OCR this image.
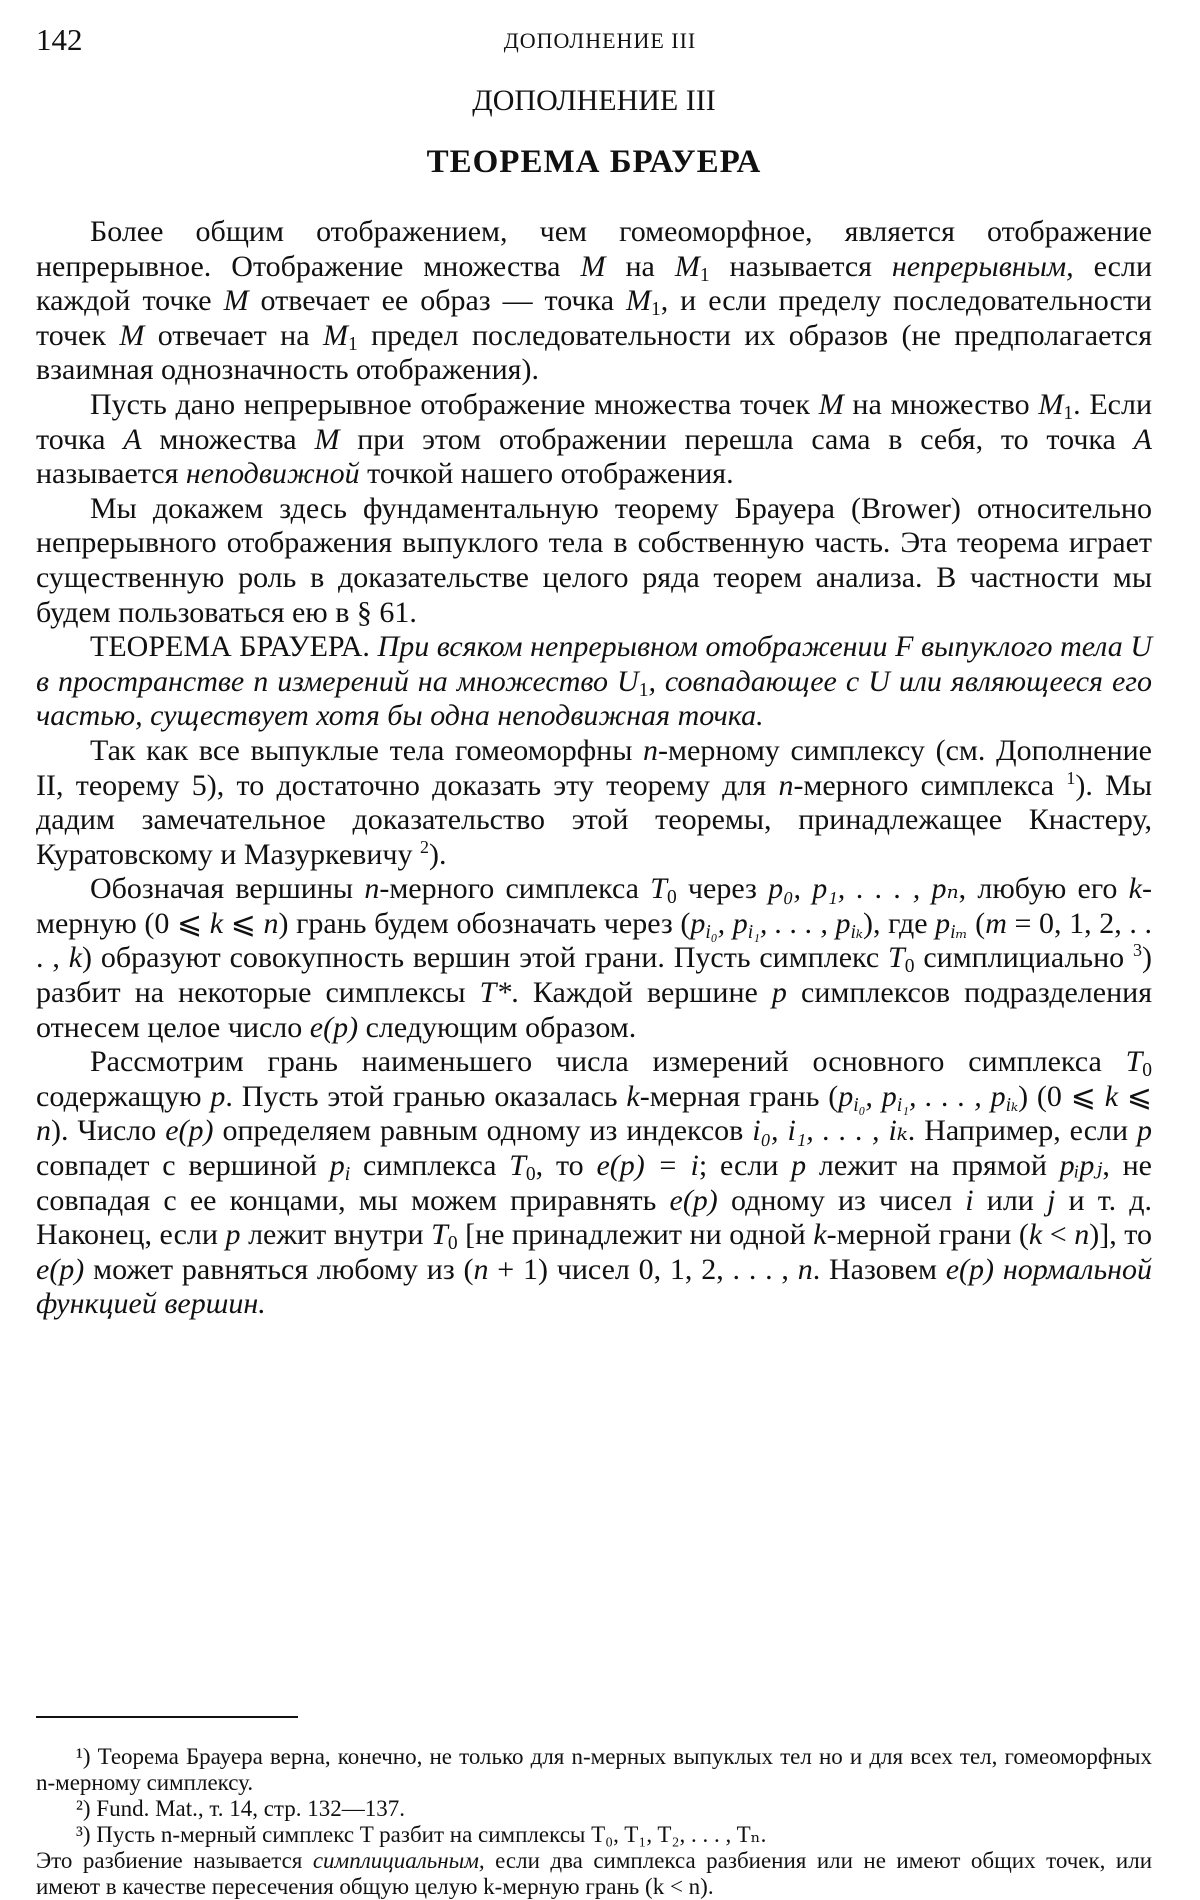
142	ДОПОЛНЕНИЕ III

ДОПОЛНЕНИЕ III

ТЕОРЕМА БРАУЕРА

Более общим отображением, чем гомеоморфное, является отображение непрерывное. Отображение множества M на $M_1$ называется непрерывным, если каждой точке M отвечает ее образ — точка $M_1$, и если пределу последовательности точек M отвечает на $M_1$ предел последовательности их образов (не предполагается взаимная однозначность отображения).

Пусть дано непрерывное отображение множества точек M на множество $M_1$. Если точка A множества M при этом отображении перешла сама в себя, то точка A называется неподвижной точкой нашего отображения.

Мы докажем здесь фундаментальную теорему Брауера (Brower) относительно непрерывного отображения выпуклого тела в собственную часть. Эта теорема играет существенную роль в доказательстве целого ряда теорем анализа. В частности мы будем пользоваться ею в § 61.

ТЕОРЕМА БРАУЕРА. При всяком непрерывном отображении F выпуклого тела U в пространстве n измерений на множество $U_1$, совпадающее с U или являющееся его частью, существует хотя бы одна неподвижная точка.

Так как все выпуклые тела гомеоморфны n-мерному симплексу (см. Дополнение II, теорему 5), то достаточно доказать эту теорему для n-мерного симплекса $^1$). Мы дадим замечательное доказательство этой теоремы, принадлежащее Кнастеру, Куратовскому и Мазуркевичу $^2$).

Обозначая вершины n-мерного симплекса $T_0$ через p₀, p₁, . . . , pₙ, любую его k-мерную (0 ⩽ k ⩽ n) грань будем обозначать через ($p_{i_0}$, $p_{i_1}$, . . . , $p_{i_k}$), где $p_{i_m}$ (m = 0, 1, 2, . . . , k) образуют совокупность вершин этой грани. Пусть симплекс $T_0$ симплициально $^3$) разбит на некоторые симплексы T*. Каждой вершине p симплексов подразделения отнесем целое число e(p) следующим образом.

Рассмотрим грань наименьшего числа измерений основного симплекса $T_0$ содержащую p. Пусть этой гранью оказалась k-мерная грань ($p_{i_0}$, $p_{i_1}$, . . . , $p_{i_k}$) (0 ⩽ k ⩽ n). Число e(p) определяем равным одному из индексов i₀, i₁, . . . , iₖ. Например, если p совпадет с вершиной $p_i$ симплекса $T_0$, то e(p) = i; если p лежит на прямой pᵢpⱼ, не совпадая с ее концами, мы можем приравнять e(p) одному из чисел i или j и т. д. Наконец, если p лежит внутри $T_0$ [не принадлежит ни одной k-мерной грани (k < n)], то e(p) может равняться любому из (n + 1) чисел 0, 1, 2, . . . , n. Назовем e(p) нормальной функцией вершин.

¹) Теорема Брауера верна, конечно, не только для n-мерных выпуклых тел но и для всех тел, гомеоморфных n-мерному симплексу.

²) Fund. Mat., т. 14, стр. 132—137.

³) Пусть n-мерный симплекс T разбит на симплексы T₀, T₁, T₂, . . . , Tₙ.
Это разбиение называется симплициальным, если два симплекса разбиения или не имеют общих точек, или имеют в качестве пересечения общую целую k-мерную грань (k < n).
